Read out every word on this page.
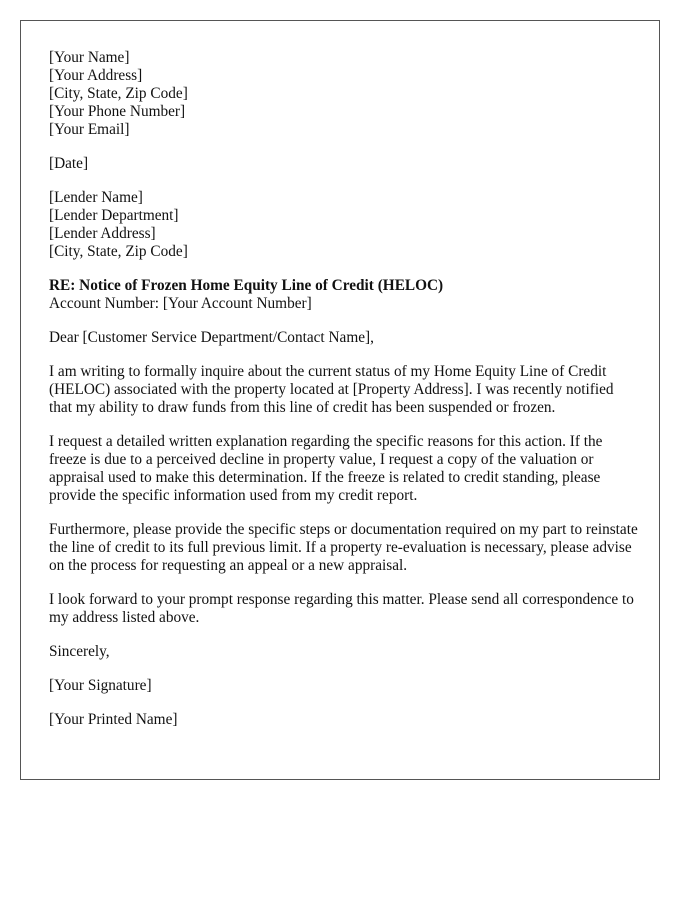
[Your Name]
[Your Address]
[City, State, Zip Code]
[Your Phone Number]
[Your Email]
[Date]
[Lender Name]
[Lender Department]
[Lender Address]
[City, State, Zip Code]
RE: Notice of Frozen Home Equity Line of Credit (HELOC)
Account Number: [Your Account Number]
Dear [Customer Service Department/Contact Name],

I am writing to formally inquire about the current status of my Home Equity Line of Credit (HELOC) associated with the property located at [Property Address]. I was recently notified that my ability to draw funds from this line of credit has been suspended or frozen.

I request a detailed written explanation regarding the specific reasons for this action. If the freeze is due to a perceived decline in property value, I request a copy of the valuation or appraisal used to make this determination. If the freeze is related to credit standing, please provide the specific information used from my credit report.

Furthermore, please provide the specific steps or documentation required on my part to reinstate the line of credit to its full previous limit. If a property re-evaluation is necessary, please advise on the process for requesting an appeal or a new appraisal.

I look forward to your prompt response regarding this matter. Please send all correspondence to my address listed above.

Sincerely,
[Your Signature]
[Your Printed Name]
